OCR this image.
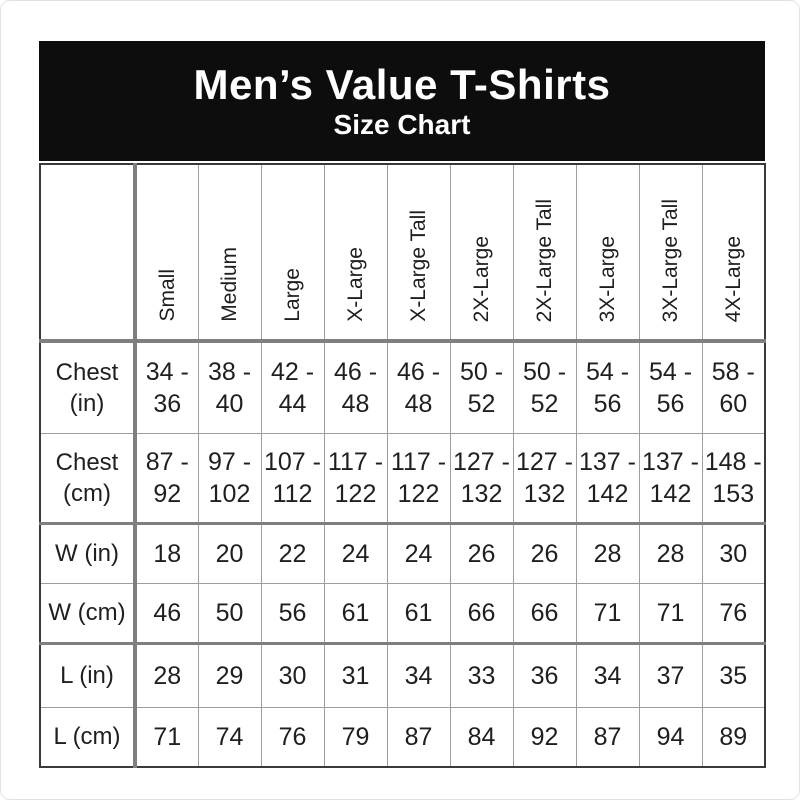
Men’s Value T-Shirts
Size Chart
	Small	Medium	Large	X-Large	X-Large Tall	2X-Large	2X-Large Tall	3X-Large	3X-Large Tall	4X-Large
Chest (in)	34 - 36	38 - 40	42 - 44	46 - 48	46 - 48	50 - 52	50 - 52	54 - 56	54 - 56	58 - 60
Chest (cm)	87 - 92	97 - 102	107 - 112	117 - 122	117 - 122	127 - 132	127 - 132	137 - 142	137 - 142	148 - 153
W (in)	18	20	22	24	24	26	26	28	28	30
W (cm)	46	50	56	61	61	66	66	71	71	76
L (in)	28	29	30	31	34	33	36	34	37	35
L (cm)	71	74	76	79	87	84	92	87	94	89
